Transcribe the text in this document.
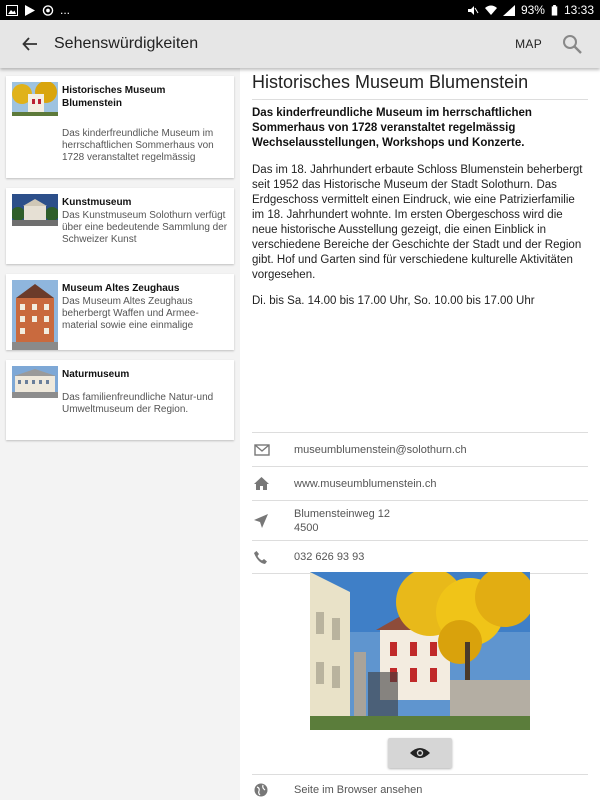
...	93% 13:33
Sehenswürdigkeiten	MAP
Historisches Museum Blumenstein
Das kinderfreundliche Museum im herrschaftlichen Sommerhaus von 1728 veranstaltet regelmässig
Kunstmuseum
Das Kunstmuseum Solothurn verfügt über eine bedeutende Sammlung der Schweizer Kunst
Museum Altes Zeughaus
Das Museum Altes Zeughaus beherbergt Waffen und Armee-material sowie eine einmalige
Naturmuseum
Das familienfreundliche Natur-und Umweltmuseum der Region.
Historisches Museum Blumenstein
Das kinderfreundliche Museum im herrschaftlichen Sommerhaus von 1728 veranstaltet regelmässig Wechselausstellungen, Workshops und Konzerte.
Das im 18. Jahrhundert erbaute Schloss Blumenstein beherbergt seit 1952 das Historische Museum der Stadt Solothurn. Das Erdgeschoss vermittelt einen Eindruck, wie eine Patrizierfamilie im 18. Jahrhundert wohnte. Im ersten Obergeschoss wird die neue historische Ausstellung gezeigt, die einen Einblick in verschiedene Bereiche der Geschichte der Stadt und der Region gibt. Hof und Garten sind für verschiedene kulturelle Aktivitäten vorgesehen.
Di. bis Sa. 14.00 bis 17.00 Uhr, So. 10.00 bis 17.00 Uhr
museumblumenstein@solothurn.ch
www.museumblumenstein.ch
Blumensteinweg 12
4500
032 626 93 93
Seite im Browser ansehen
